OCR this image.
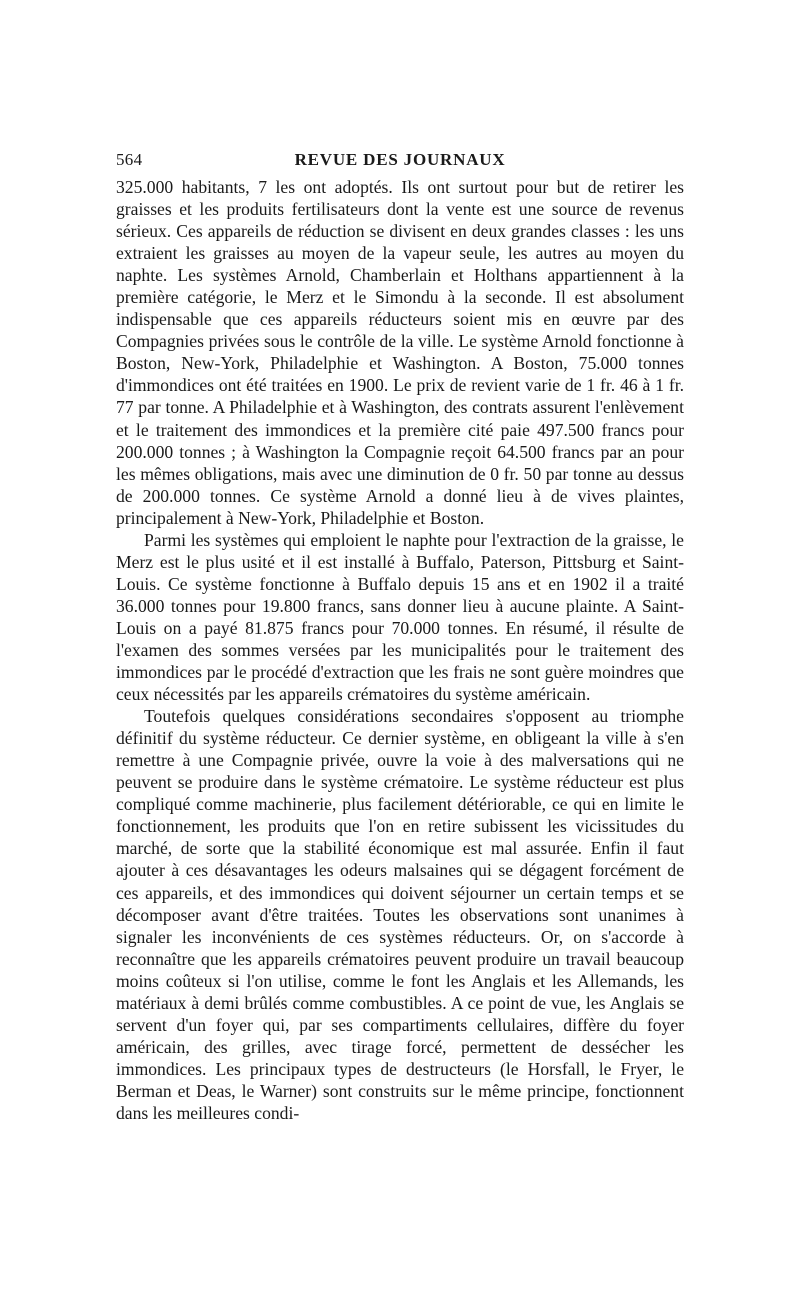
564	REVUE DES JOURNAUX

325.000 habitants, 7 les ont adoptés. Ils ont surtout pour but de retirer les graisses et les produits fertilisateurs dont la vente est une source de revenus sérieux. Ces appareils de réduction se divisent en deux grandes classes : les uns extraient les graisses au moyen de la vapeur seule, les autres au moyen du naphte. Les systèmes Arnold, Chamberlain et Holthans appartiennent à la première catégorie, le Merz et le Simondu à la seconde. Il est absolument indispensable que ces appareils réducteurs soient mis en œuvre par des Compagnies privées sous le contrôle de la ville. Le système Arnold fonctionne à Boston, New-York, Philadelphie et Washington. A Boston, 75.000 tonnes d'immondices ont été traitées en 1900. Le prix de revient varie de 1 fr. 46 à 1 fr. 77 par tonne. A Philadelphie et à Washington, des contrats assurent l'enlèvement et le traitement des immondices et la première cité paie 497.500 francs pour 200.000 tonnes ; à Washington la Compagnie reçoit 64.500 francs par an pour les mêmes obligations, mais avec une diminution de 0 fr. 50 par tonne au dessus de 200.000 tonnes. Ce système Arnold a donné lieu à de vives plaintes, principalement à New-York, Philadelphie et Boston.

Parmi les systèmes qui emploient le naphte pour l'extraction de la graisse, le Merz est le plus usité et il est installé à Buffalo, Paterson, Pittsburg et Saint-Louis. Ce système fonctionne à Buffalo depuis 15 ans et en 1902 il a traité 36.000 tonnes pour 19.800 francs, sans donner lieu à aucune plainte. A Saint-Louis on a payé 81.875 francs pour 70.000 tonnes. En résumé, il résulte de l'examen des sommes versées par les municipalités pour le traitement des immondices par le procédé d'extraction que les frais ne sont guère moindres que ceux nécessités par les appareils crématoires du système américain.

Toutefois quelques considérations secondaires s'opposent au triomphe définitif du système réducteur. Ce dernier système, en obligeant la ville à s'en remettre à une Compagnie privée, ouvre la voie à des malversations qui ne peuvent se produire dans le système crématoire. Le système réducteur est plus compliqué comme machinerie, plus facilement détériorable, ce qui en limite le fonctionnement, les produits que l'on en retire subissent les vicissitudes du marché, de sorte que la stabilité économique est mal assurée. Enfin il faut ajouter à ces désavantages les odeurs malsaines qui se dégagent forcément de ces appareils, et des immondices qui doivent séjourner un certain temps et se décomposer avant d'être traitées. Toutes les observations sont unanimes à signaler les inconvénients de ces systèmes réducteurs. Or, on s'accorde à reconnaître que les appareils crématoires peuvent produire un travail beaucoup moins coûteux si l'on utilise, comme le font les Anglais et les Allemands, les matériaux à demi brûlés comme combustibles. A ce point de vue, les Anglais se servent d'un foyer qui, par ses compartiments cellulaires, diffère du foyer américain, des grilles, avec tirage forcé, permettent de dessécher les immondices. Les principaux types de destructeurs (le Horsfall, le Fryer, le Berman et Deas, le Warner) sont construits sur le même principe, fonctionnent dans les meilleures condi-
